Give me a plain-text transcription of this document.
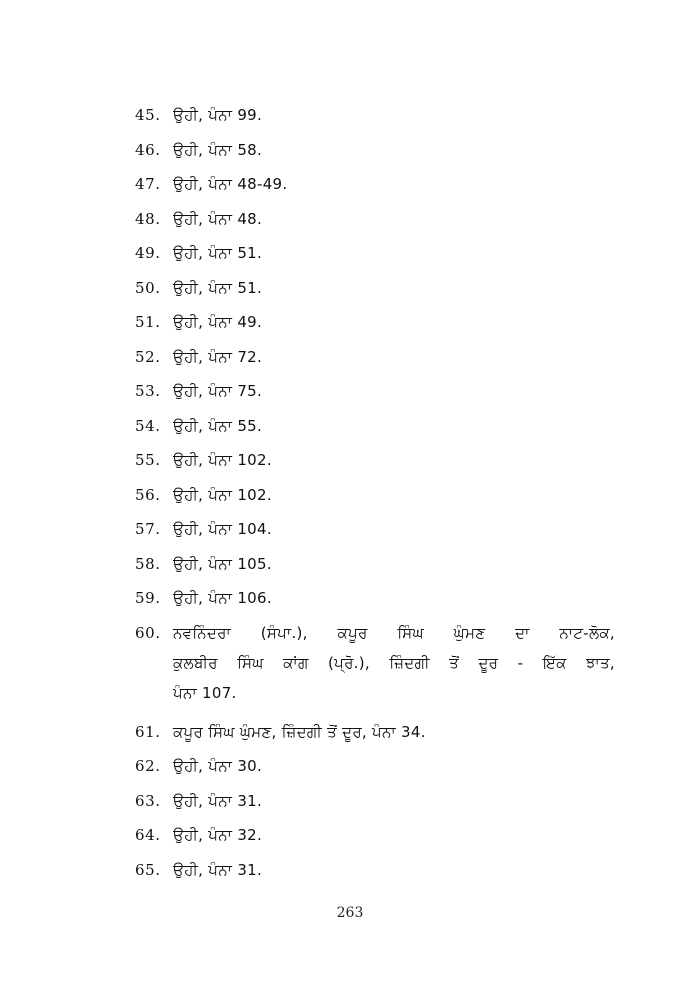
45. ਉਹੀ, ਪੰਨਾ 99.
46. ਉਹੀ, ਪੰਨਾ 58.
47. ਉਹੀ, ਪੰਨਾ 48-49.
48. ਉਹੀ, ਪੰਨਾ 48.
49. ਉਹੀ, ਪੰਨਾ 51.
50. ਉਹੀ, ਪੰਨਾ 51.
51. ਉਹੀ, ਪੰਨਾ 49.
52. ਉਹੀ, ਪੰਨਾ 72.
53. ਉਹੀ, ਪੰਨਾ 75.
54. ਉਹੀ, ਪੰਨਾ 55.
55. ਉਹੀ, ਪੰਨਾ 102.
56. ਉਹੀ, ਪੰਨਾ 102.
57. ਉਹੀ, ਪੰਨਾ 104.
58. ਉਹੀ, ਪੰਨਾ 105.
59. ਉਹੀ, ਪੰਨਾ 106.
60. ਨਵਨਿੰਦਰਾ (ਸੰਪਾ.), ਕਪੂਰ ਸਿੰਘ ਘੁੰਮਣ ਦਾ ਨਾਟ-ਲੋਕ,
ਕੁਲਬੀਰ ਸਿੰਘ ਕਾਂਗ (ਪ੍ਰੋ.), ਜ਼ਿੰਦਗੀ ਤੋਂ ਦੂਰ - ਇੱਕ ਝਾਤ,
ਪੰਨਾ 107.
61. ਕਪੂਰ ਸਿੰਘ ਘੁੰਮਣ, ਜ਼ਿੰਦਗੀ ਤੋਂ ਦੂਰ, ਪੰਨਾ 34.
62. ਉਹੀ, ਪੰਨਾ 30.
63. ਉਹੀ, ਪੰਨਾ 31.
64. ਉਹੀ, ਪੰਨਾ 32.
65. ਉਹੀ, ਪੰਨਾ 31.
263
